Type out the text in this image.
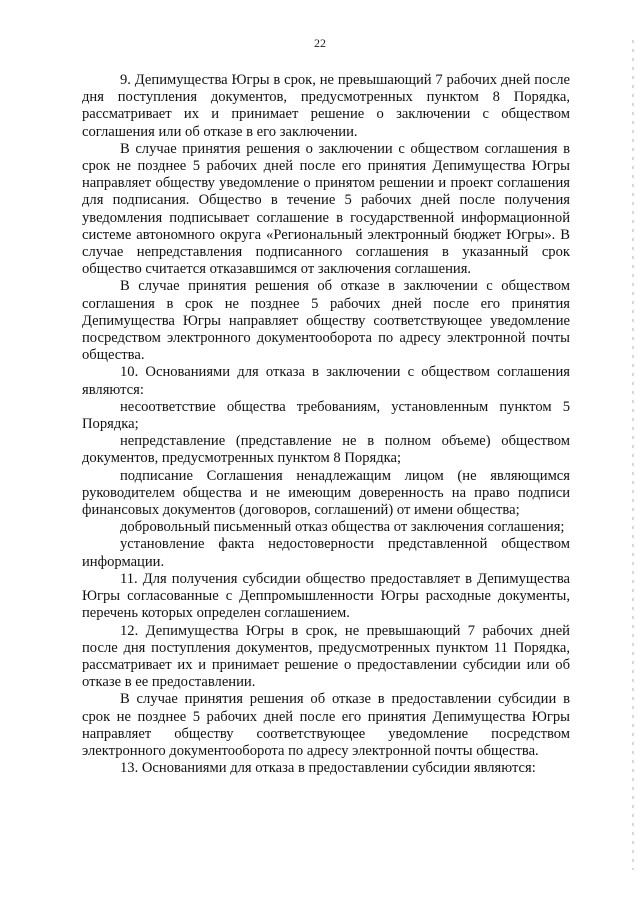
22

9. Депимущества Югры в срок, не превышающий 7 рабочих дней после дня поступления документов, предусмотренных пунктом 8 Порядка, рассматривает их и принимает решение о заключении с обществом соглашения или об отказе в его заключении.

В случае принятия решения о заключении с обществом соглашения в срок не позднее 5 рабочих дней после его принятия Депимущества Югры направляет обществу уведомление о принятом решении и проект соглашения для подписания. Общество в течение 5 рабочих дней после получения уведомления подписывает соглашение в государственной информационной системе автономного округа «Региональный электронный бюджет Югры». В случае непредставления подписанного соглашения в указанный срок общество считается отказавшимся от заключения соглашения.

В случае принятия решения об отказе в заключении с обществом соглашения в срок не позднее 5 рабочих дней после его принятия Депимущества Югры направляет обществу соответствующее уведомление посредством электронного документооборота по адресу электронной почты общества.

10. Основаниями для отказа в заключении с обществом соглашения являются:

несоответствие общества требованиям, установленным пунктом 5 Порядка;

непредставление (представление не в полном объеме) обществом документов, предусмотренных пунктом 8 Порядка;

подписание Соглашения ненадлежащим лицом (не являющимся руководителем общества и не имеющим доверенность на право подписи финансовых документов (договоров, соглашений) от имени общества;

добровольный письменный отказ общества от заключения соглашения;

установление факта недостоверности представленной обществом информации.

11. Для получения субсидии общество предоставляет в Депимущества Югры согласованные с Деппромышленности Югры расходные документы, перечень которых определен соглашением.

12. Депимущества Югры в срок, не превышающий 7 рабочих дней после дня поступления документов, предусмотренных пунктом 11 Порядка, рассматривает их и принимает решение о предоставлении субсидии или об отказе в ее предоставлении.

В случае принятия решения об отказе в предоставлении субсидии в срок не позднее 5 рабочих дней после его принятия Депимущества Югры направляет обществу соответствующее уведомление посредством электронного документооборота по адресу электронной почты общества.

13. Основаниями для отказа в предоставлении субсидии являются:
